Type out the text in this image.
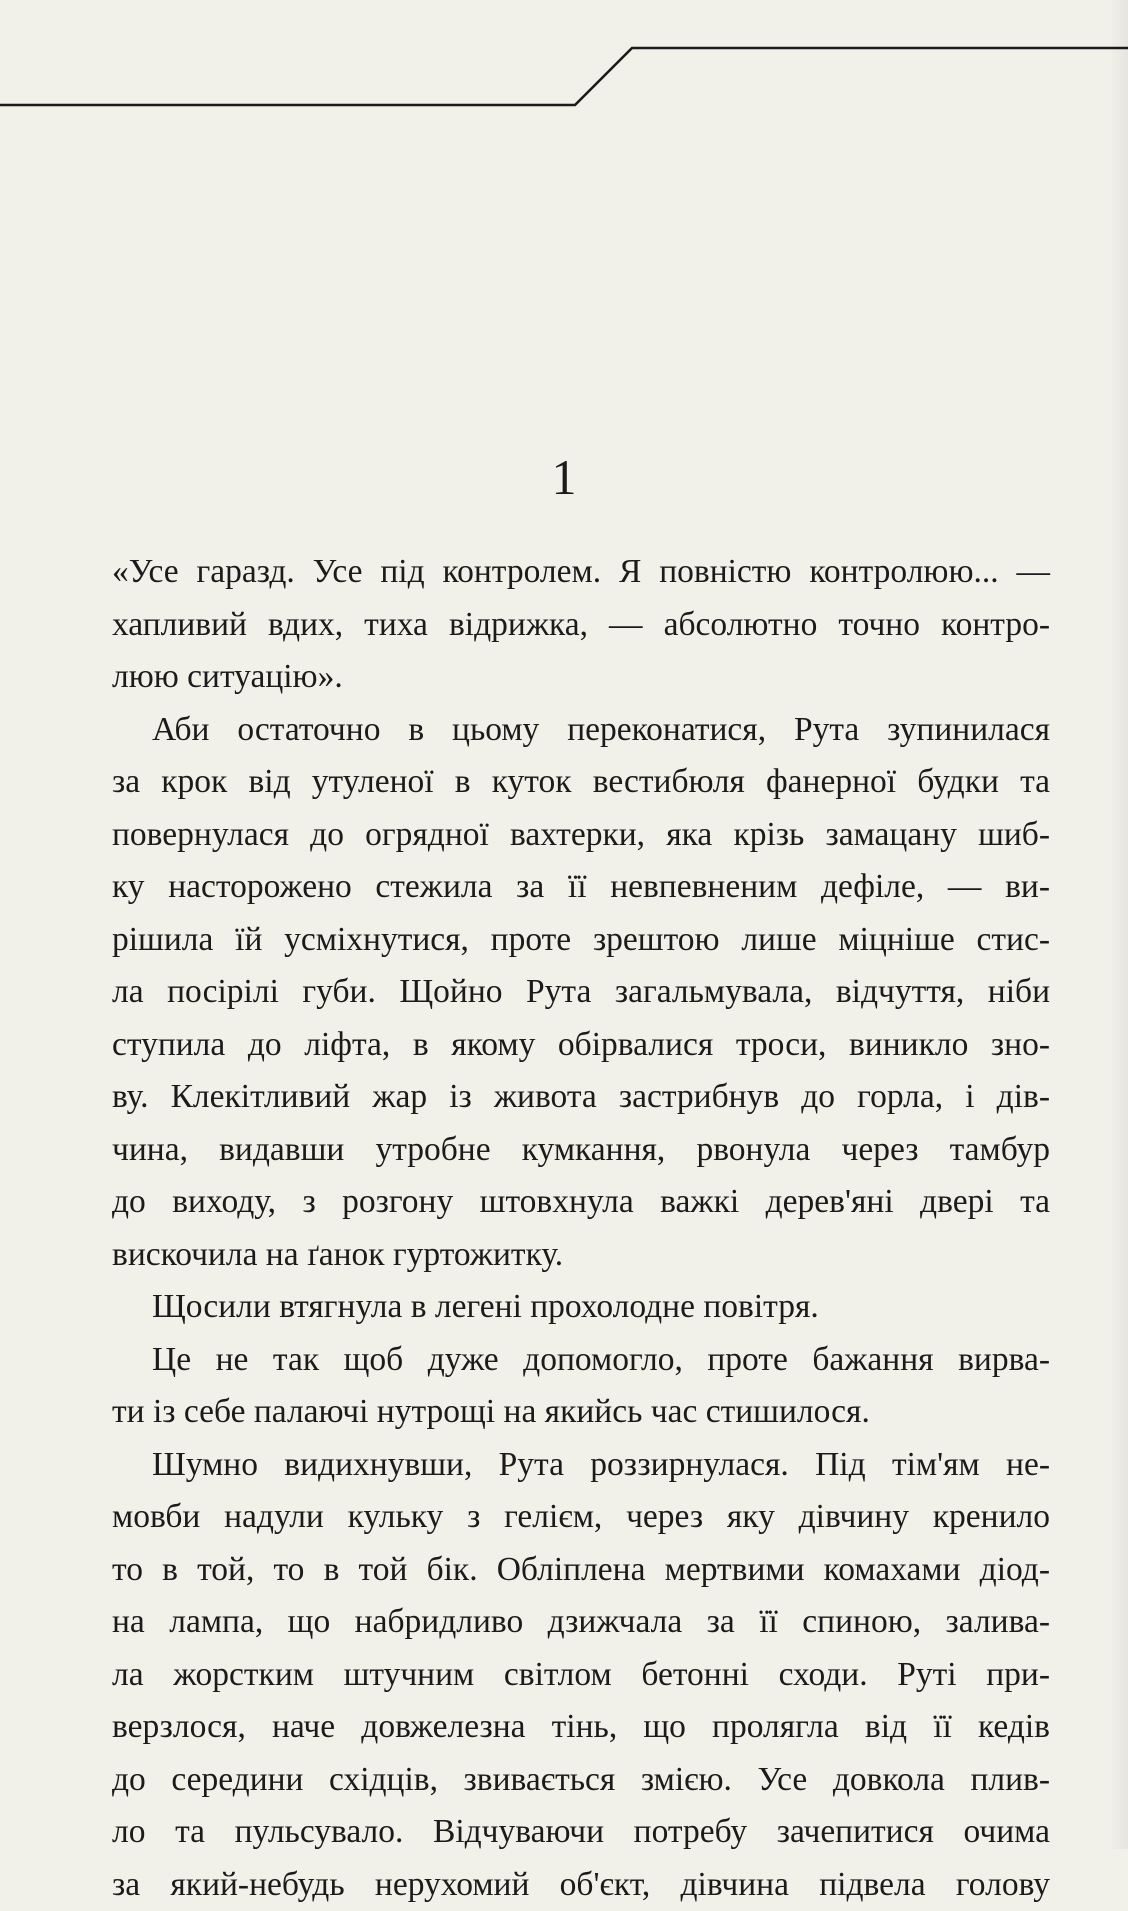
1

«Усе гаразд. Усе під контролем. Я повністю контролюю... —

хапливий вдих, тиха відрижка, — абсолютно точно контро-

люю ситуацію».

Аби остаточно в цьому переконатися, Рута зупинилася

за крок від утуленої в куток вестибюля фанерної будки та

повернулася до огрядної вахтерки, яка крізь замацану шиб-

ку насторожено стежила за її невпевненим дефіле, — ви-

рішила їй усміхнутися, проте зрештою лише міцніше стис-

ла посірілі губи. Щойно Рута загальмувала, відчуття, ніби

ступила до ліфта, в якому обірвалися троси, виникло зно-

ву. Клекітливий жар із живота застрибнув до горла, і дів-

чина, видавши утробне кумкання, рвонула через тамбур

до виходу, з розгону штовхнула важкі дерев'яні двері та

вискочила на ґанок гуртожитку.

Щосили втягнула в легені прохолодне повітря.

Це не так щоб дуже допомогло, проте бажання вирва-

ти із себе палаючі нутрощі на якийсь час стишилося.

Шумно видихнувши, Рута роззирнулася. Під тім'ям не-

мовби надули кульку з гелієм, через яку дівчину кренило

то в той, то в той бік. Обліплена мертвими комахами діод-

на лампа, що набридливо дзижчала за її спиною, залива-

ла жорстким штучним світлом бетонні сходи. Руті при-

верзлося, наче довжелезна тінь, що пролягла від її кедів

до середини східців, звивається змією. Усе довкола плив-

ло та пульсувало. Відчуваючи потребу зачепитися очима

за який-небудь нерухомий об'єкт, дівчина підвела голову
